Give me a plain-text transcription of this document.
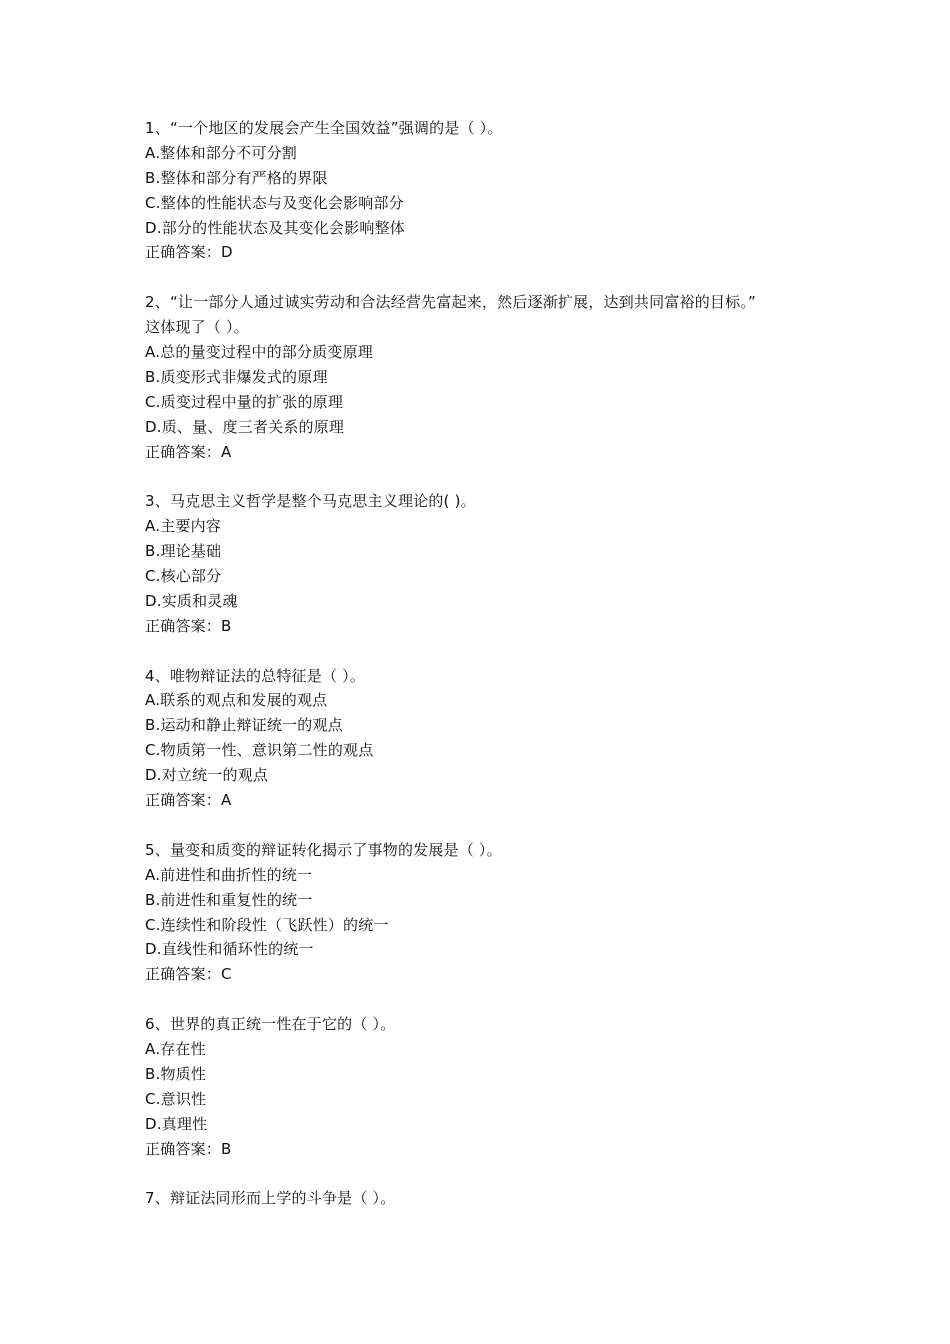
1、“一个地区的发展会产生全国效益”强调的是（ ）。
A.整体和部分不可分割
B.整体和部分有严格的界限
C.整体的性能状态与及变化会影响部分
D.部分的性能状态及其变化会影响整体
正确答案：D
2、“让一部分人通过诚实劳动和合法经营先富起来，然后逐渐扩展，达到共同富裕的目标。”
这体现了（ ）。
A.总的量变过程中的部分质变原理
B.质变形式非爆发式的原理
C.质变过程中量的扩张的原理
D.质、量、度三者关系的原理
正确答案：A
3、马克思主义哲学是整个马克思主义理论的( )。
A.主要内容
B.理论基础
C.核心部分
D.实质和灵魂
正确答案：B
4、唯物辩证法的总特征是（ ）。
A.联系的观点和发展的观点
B.运动和静止辩证统一的观点
C.物质第一性、意识第二性的观点
D.对立统一的观点
正确答案：A
5、量变和质变的辩证转化揭示了事物的发展是（ ）。
A.前进性和曲折性的统一
B.前进性和重复性的统一
C.连续性和阶段性（飞跃性）的统一
D.直线性和循环性的统一
正确答案：C
6、世界的真正统一性在于它的（ ）。
A.存在性
B.物质性
C.意识性
D.真理性
正确答案：B
7、辩证法同形而上学的斗争是（ ）。
